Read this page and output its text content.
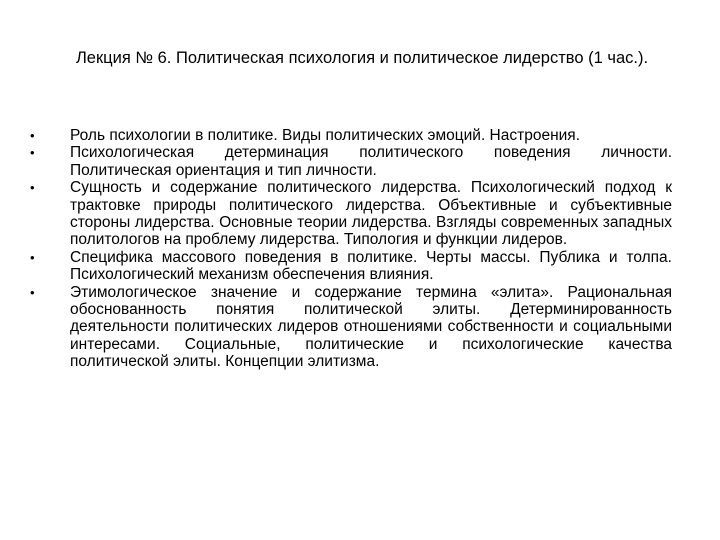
Лекция № 6. Политическая психология и политическое лидерство (1 час.).
•	Роль психологии в политике. Виды политических эмоций. Настроения.
•	Психологическая детерминация политического поведения личности. Политическая ориентация и тип личности.
•	Сущность и содержание политического лидерства. Психологический подход к трактовке природы политического лидерства. Объективные и субъективные стороны лидерства. Основные теории лидерства. Взгляды современных западных политологов на проблему лидерства. Типология и функции лидеров.
•	Специфика массового поведения в политике. Черты массы. Публика и толпа. Психологический механизм обеспечения влияния.
•	Этимологическое значение и содержание термина «элита». Рациональная обоснованность понятия политической элиты. Детерминированность деятельности политических лидеров отношениями собственности и социальными интересами. Социальные, политические и психологические качества политической элиты. Концепции элитизма.
